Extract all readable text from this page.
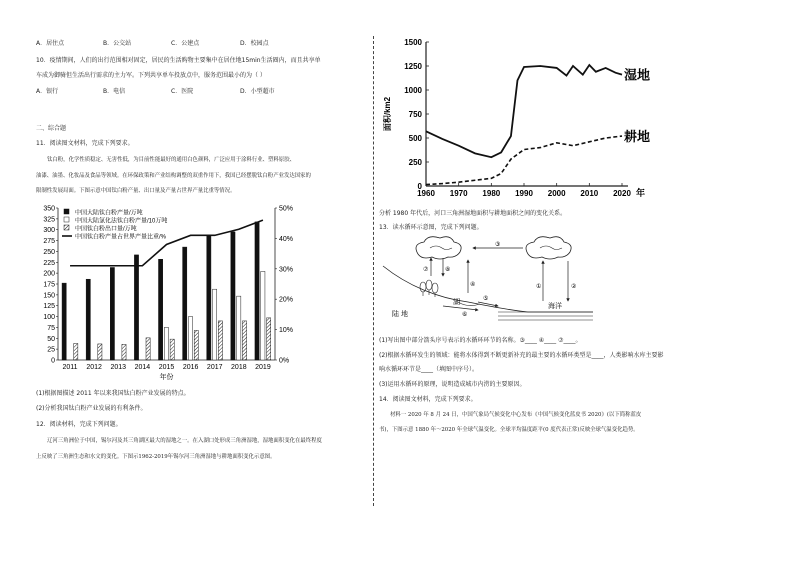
A．居住点	B．公交站	C．公建点	D．校园点
10．疫情期间，人们的出行范围相对固定，居民的生活购物主要集中在居住地15min生活圈内，而且共享单
车成为御骑但生活出行需求的主力军。下列共享单车投放点中，服务范围最小的为（ ）
A．银行	B．电信	C．医院	D．小型超市
二、综合题
11．阅读图文材料，完成下列要求。
钛白粉，化学性质稳定、无害性低，为目前性能最好的通用白色颜料，广泛应用于涂料行业、塑料原胶、
油漆、油墨、化妆品及食品等领域。在环保政策和产业结构调整的双重作用下，我国已经摆脱钛白粉产业发达国家的
限制性发展局面。下图示意中国钛白粉产量、出口量及产量占世界产量比重等情况。
0
25
50
75
100
125
150
175
200
225
250
275
300
325
350
0%
10%
20%
30%
40%
50%
2011 2012 2013 2014 2015 2016 2017 2018 2019
年份
中国大陆钛白粉产量/万吨
中国大陆氯化法钛白粉产量/10万吨
中国钛白粉出口量/万吨
中国钛白粉产量占世界产量比重/%
(1)根据图描述 2011 年以来我国钛白粉产业发展的特点。
(2)分析我国钛白粉产业发展的有利条件。
12．阅读材料，完成下列问题。
辽河三角洲位于中国，锡尔河及其三角湖区最大的湿地之一。在入湖口处形成三角洲湿地，湿地面积变化在最终程度
上反映了三角洲生态和水文的变化。下图示1962-2019年锡尔河三角洲湿地与耕地面积变化示意图。
0
250
500
750
1000
1250
1500
1960 1970 1980 1990 2000 2010 2020 年
面积/km2
湿地
耕地
分析 1980 年代后，河口三角洲湿地面积与耕地面积之间的变化关系。
13．读水循环示意图，完成下列问题。
③
⑦	⑧
④
⑤
⑥
①	②
海洋
湖
陆 地
(1)写出图中部分箭头序号表示的水循环环节的名称。③____ ④____ ⑦____。
(2)根据水循环发生的领域：能将水体得到不断更新补充的最主要的水循环类型是____，人类影响水库主要影
响水循环环节是____（填图中序号）。
(3)运用水循环的原理，说明造成城市内涝的主要原因。
14．阅读图文材料，完成下列要求。
材料一 2020 年 8 月 24 日，中国气象局气候变化中心发布《中国气候变化蓝皮书 2020》(以下简称蓝皮
书)，下图示意 1880 年～2020 年全球气温变化。全球平均温度距平(0 度代表正常)反映全球气温变化趋势。
